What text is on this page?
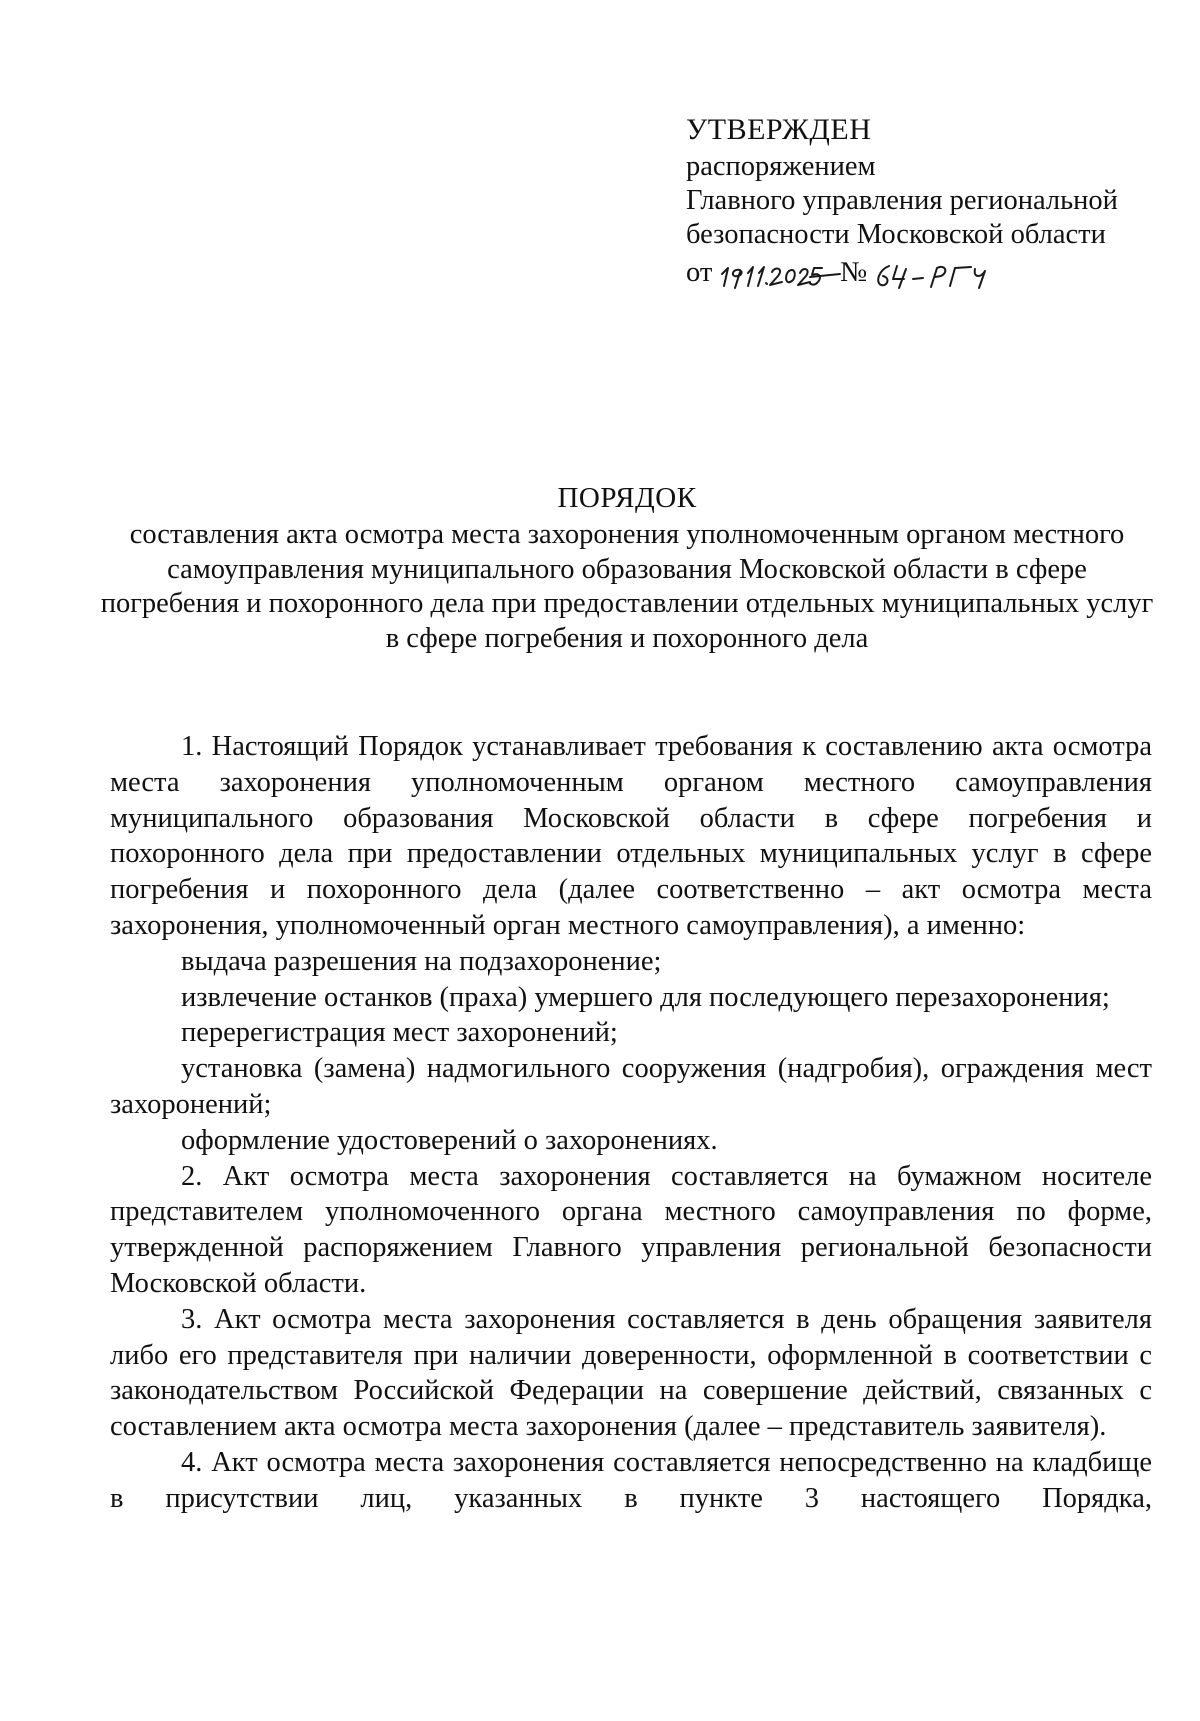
УТВЕРЖДЕН
распоряжением
Главного управления региональной
безопасности Московской области
от	№
ПОРЯДОК
составления акта осмотра места захоронения уполномоченным органом местного самоуправления муниципального образования Московской области в сфере погребения и похоронного дела при предоставлении отдельных муниципальных услуг в сфере погребения и похоронного дела

1. Настоящий Порядок устанавливает требования к составлению акта осмотра места захоронения уполномоченным органом местного самоуправления муниципального образования Московской области в сфере погребения и похоронного дела при предоставлении отдельных муниципальных услуг в сфере погребения и похоронного дела (далее соответственно – акт осмотра места захоронения, уполномоченный орган местного самоуправления), а именно:

выдача разрешения на подзахоронение;

извлечение останков (праха) умершего для последующего перезахоронения;

перерегистрация мест захоронений;

установка (замена) надмогильного сооружения (надгробия), ограждения мест захоронений;

оформление удостоверений о захоронениях.

2. Акт осмотра места захоронения составляется на бумажном носителе представителем уполномоченного органа местного самоуправления по форме, утвержденной распоряжением Главного управления региональной безопасности Московской области.

3. Акт осмотра места захоронения составляется в день обращения заявителя либо его представителя при наличии доверенности, оформленной в соответствии с законодательством Российской Федерации на совершение действий, связанных с составлением акта осмотра места захоронения (далее – представитель заявителя).

4. Акт осмотра места захоронения составляется непосредственно на кладбище в присутствии лиц, указанных в пункте 3 настоящего Порядка,
